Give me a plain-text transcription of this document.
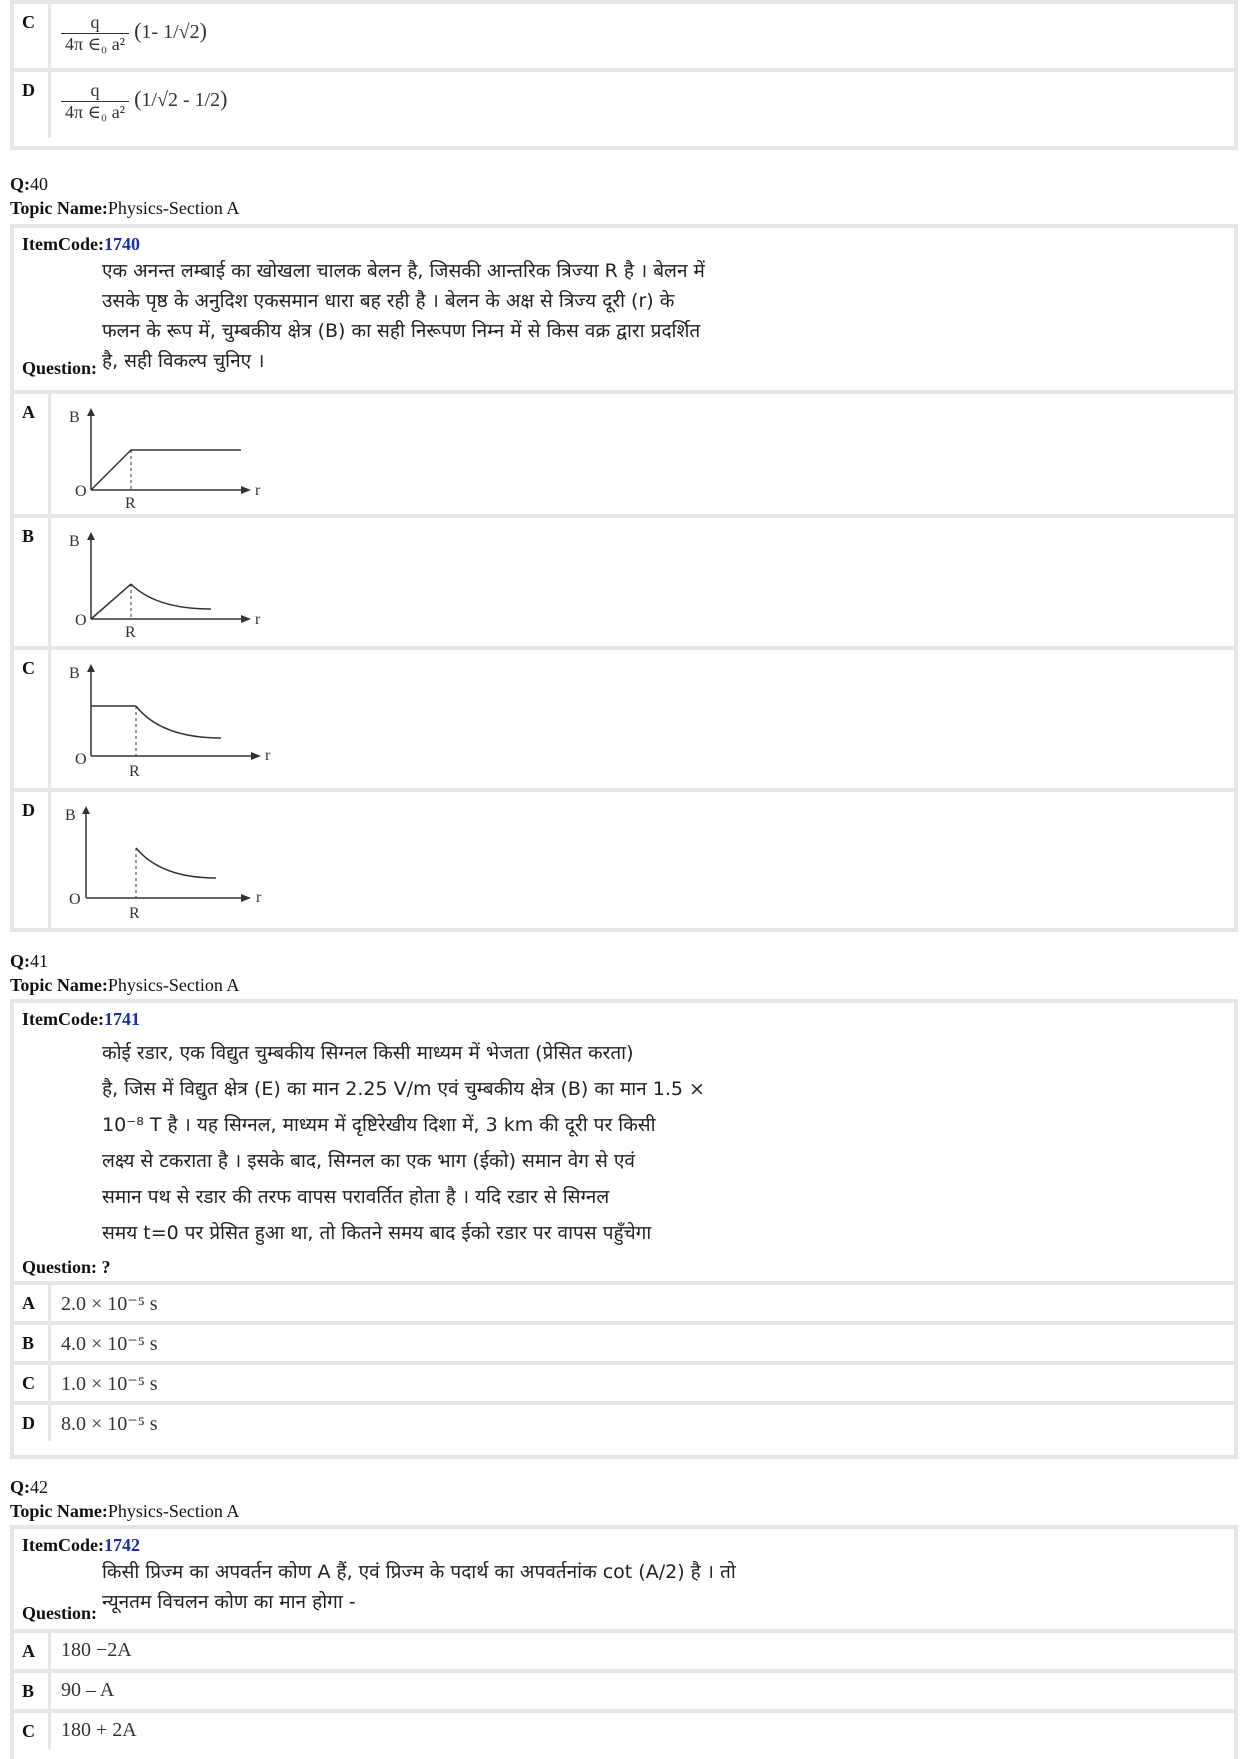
C	$\frac{q}{\text{4π ∈₀ a²}} (1-$ 1/√2)
D	$\frac{q}{\text{4π ∈₀ a²}} (1/√2 - 1/2)$
Q:40
Topic Name:Physics-Section A
ItemCode:1740
एक अनन्त लम्बाई का खोखला चालक बेलन है, जिसकी आन्तरिक त्रिज्या R है । बेलन में
उसके पृष्ठ के अनुदिश एकसमान धारा बह रही है । बेलन के अक्ष से त्रिज्य दूरी (r) के
फलन के रूप में, चुम्बकीय क्षेत्र (B) का सही निरूपण निम्न में से किस वक्र द्वारा प्रदर्शित
है, सही विकल्प चुनिए ।
Question:
A	B
O
R
r
B	B
O
R
r
C	B
O
R
r
D	B
O
R
r
Q:41
Topic Name:Physics-Section A
ItemCode:1741
कोई रडार, एक विद्युत चुम्बकीय सिग्नल किसी माध्यम में भेजता (प्रेसित करता)
है, जिस में विद्युत क्षेत्र (E) का मान 2.25 V/m एवं चुम्बकीय क्षेत्र (B) का मान 1.5 ×
10⁻⁸ T है । यह सिग्नल, माध्यम में दृष्टिरेखीय दिशा में, 3 km की दूरी पर किसी
लक्ष्य से टकराता है । इसके बाद, सिग्नल का एक भाग (ईको) समान वेग से एवं
समान पथ से रडार की तरफ वापस परावर्तित होता है । यदि रडार से सिग्नल
समय t=0 पर प्रेसित हुआ था, तो कितने समय बाद ईको रडार पर वापस पहुँचेगा
Question: ?
A	2.0 × 10⁻⁵ s
B	4.0 × 10⁻⁵ s
C	1.0 × 10⁻⁵ s
D	8.0 × 10⁻⁵ s
Q:42
Topic Name:Physics-Section A
ItemCode:1742
किसी प्रिज्म का अपवर्तन कोण A हैं, एवं प्रिज्म के पदार्थ का अपवर्तनांक cot (A/2) है । तो
न्यूनतम विचलन कोण का मान होगा -
Question:
A	180 −2A
B	90 – A
C	180 + 2A
